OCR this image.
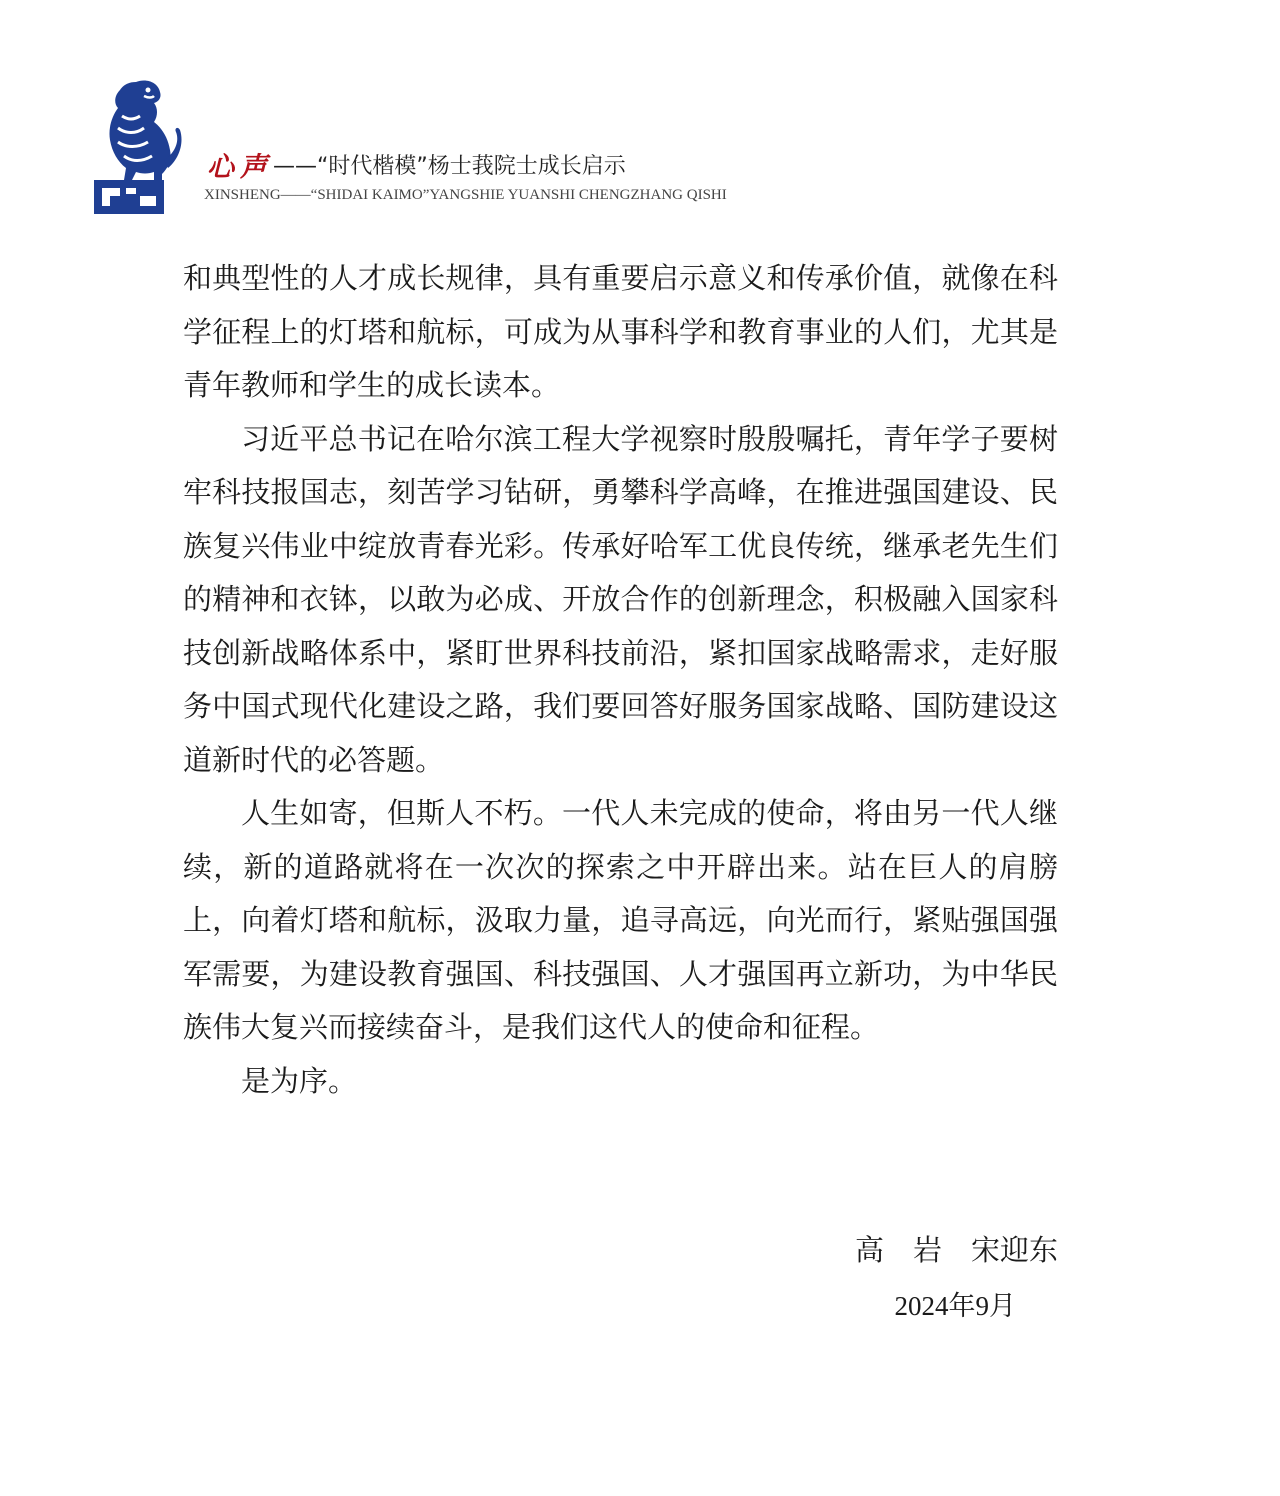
心声 ——“时代楷模”杨士莪院士成长启示
XINSHENG——“SHIDAI KAIMO”YANGSHIE YUANSHI CHENGZHANG QISHI

和典型性的人才成长规律，具有重要启示意义和传承价值，就像在科学征程上的灯塔和航标，可成为从事科学和教育事业的人们，尤其是青年教师和学生的成长读本。

习近平总书记在哈尔滨工程大学视察时殷殷嘱托，青年学子要树牢科技报国志，刻苦学习钻研，勇攀科学高峰，在推进强国建设、民族复兴伟业中绽放青春光彩。传承好哈军工优良传统，继承老先生们的精神和衣钵，以敢为必成、开放合作的创新理念，积极融入国家科技创新战略体系中，紧盯世界科技前沿，紧扣国家战略需求，走好服务中国式现代化建设之路，我们要回答好服务国家战略、国防建设这道新时代的必答题。

人生如寄，但斯人不朽。一代人未完成的使命，将由另一代人继续，新的道路就将在一次次的探索之中开辟出来。站在巨人的肩膀上，向着灯塔和航标，汲取力量，追寻高远，向光而行，紧贴强国强军需要，为建设教育强国、科技强国、人才强国再立新功，为中华民族伟大复兴而接续奋斗，是我们这代人的使命和征程。

是为序。

高　岩　宋迎东
2024年9月
